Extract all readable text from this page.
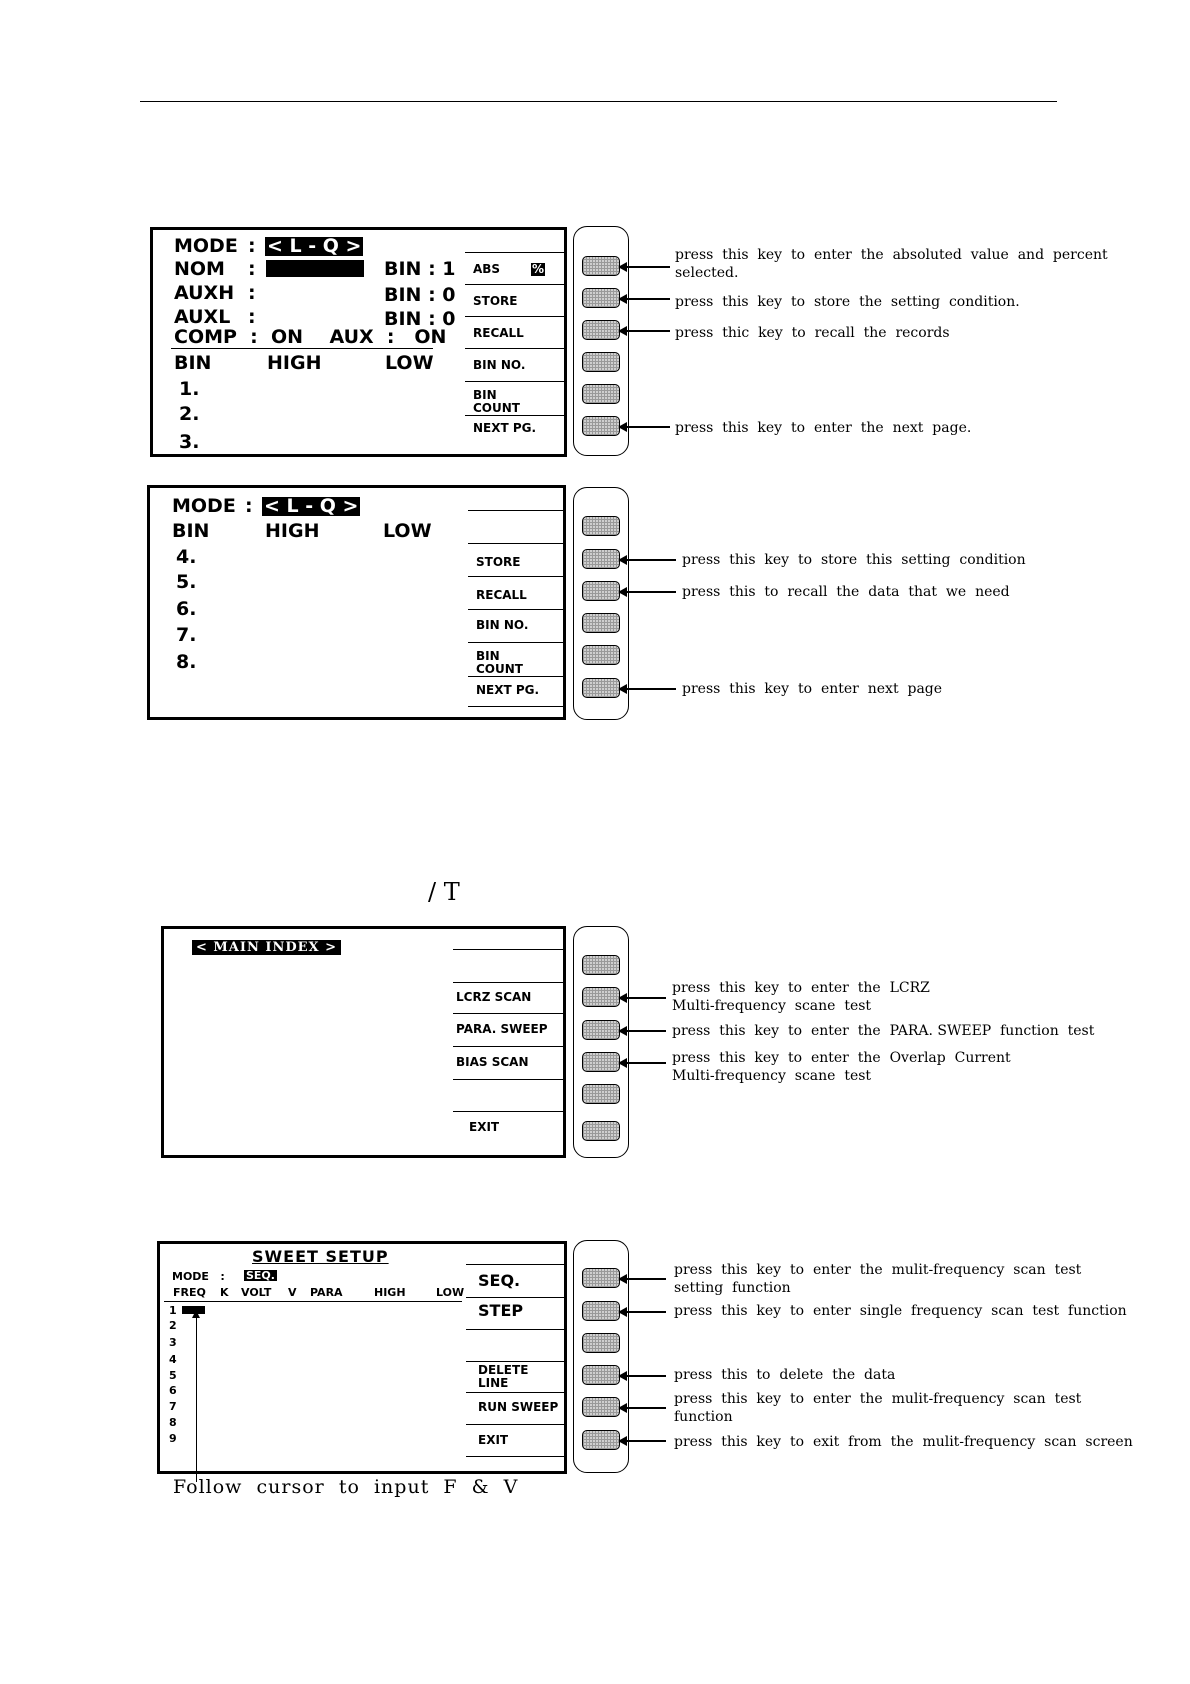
MODE : < L - Q >
NOM :	BIN : 1
AUXH :	BIN : 0
AUXL :	BIN : 0
COMP  :  ON    AUX  :   ON
BIN	HIGH	LOW
1.
2.
3.
ABS	%
STORE
RECALL
BIN NO.
BIN
COUNT
NEXT PG.
press  this  key  to  enter  the  absoluted  value  and  percent
selected.
press  this  key  to  store  the  setting  condition.
press  thic  key  to  recall  the  records
press  this  key  to  enter  the  next  page.
MODE : < L - Q >
BIN	HIGH	LOW
4.
5.
6.
7.
8.
STORE
RECALL
BIN NO.
BIN
COUNT
NEXT PG.
press  this  key  to  store  this  setting  condition
press  this  to  recall  the  data  that  we  need
press  this  key  to  enter  next  page
/ T
< MAIN INDEX >
LCRZ SCAN
PARA. SWEEP
BIAS SCAN
EXIT
press  this  key  to  enter  the  LCRZ
Multi-frequency  scane  test
press  this  key  to  enter  the  PARA. SWEEP  function  test
press  this  key  to  enter  the  Overlap  Current
Multi-frequency  scane  test
SWEET SETUP
MODE   : SEQ.
FREQ K VOLT V PARA	HIGH	LOW
1
2
3
4
5
6
7
8
9
SEQ.
STEP
DELETE
LINE
RUN SWEEP
EXIT
press  this  key  to  enter  the  mulit-frequency  scan  test
setting  function
press  this  key  to  enter  single  frequency  scan  test  function
press  this  to  delete  the  data
press  this  key  to  enter  the  mulit-frequency  scan  test
function
press  this  key  to  exit  from  the  mulit-frequency  scan  screen
Follow  cursor  to  input  F  &  V
